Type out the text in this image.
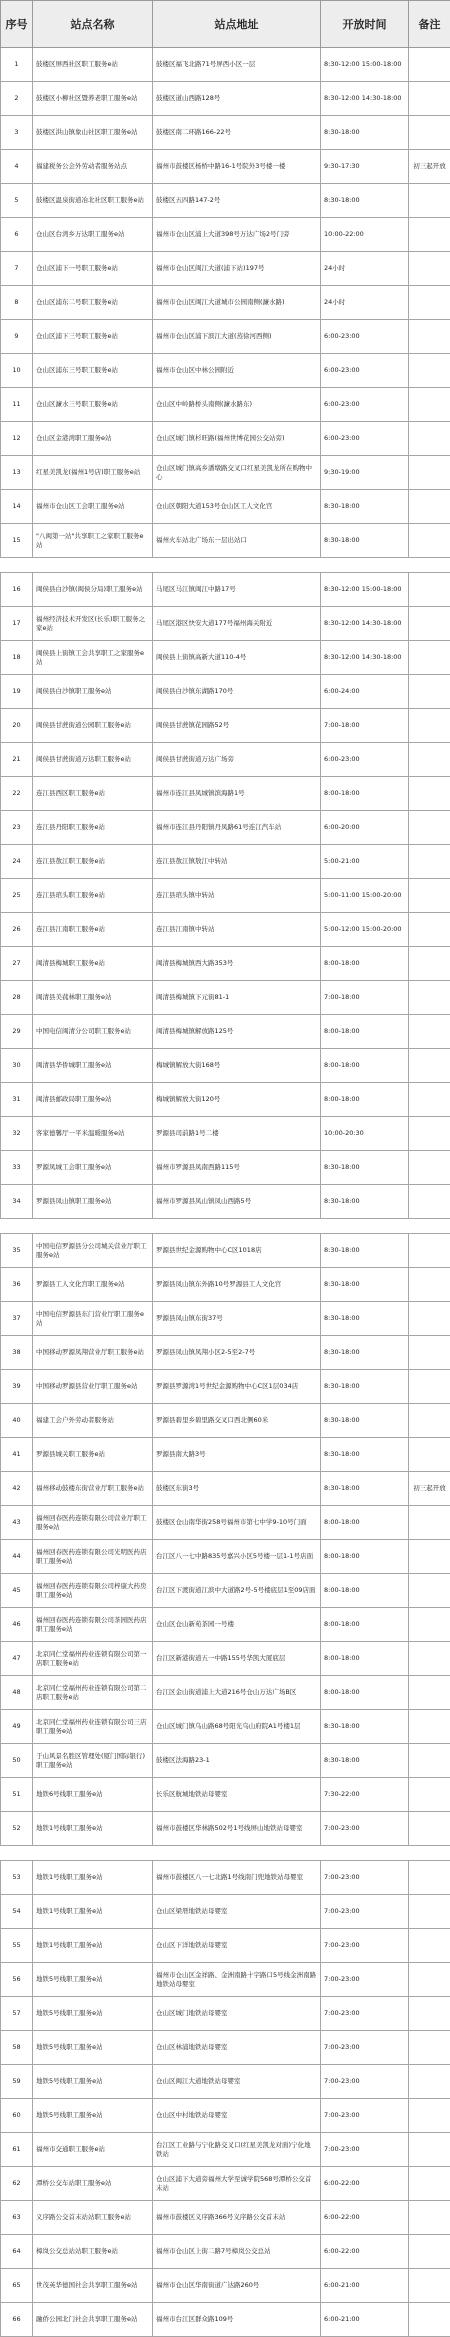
序号	站点名称	站点地址	开放时间	备注
1	鼓楼区屏西社区职工服务e站	鼓楼区福飞北路71号屏西小区一层	8:30-12:00 15:00-18:00	
2	鼓楼区小柳社区暨养老职工服务e站	鼓楼区道山西路128号	8:30-12:00 14:30-18:00	
3	鼓楼区洪山镇象山社区职工服务e站	鼓楼区南二环路166-22号	8:30-18:00	
4	福建税务公会外劳动者服务站点	福州市鼓楼区杨桥中路16-1号院外3号楼一楼	9:30-17:30	初三起开放
5	鼓楼区温泉街道冶北社区职工服务e站	鼓楼区五四路147-2号	8:30-18:00	
6	仓山区台湾乡万达职工服务e站	福州市仓山区浦上大道398号万达广场2号门旁	10:00-22:00	
7	仓山区浦下一号职工服务e站	福州市仓山区闽江大道(浦下站)197号	24小时	
8	仓山区浦东二号职工服务e站	福州市仓山区闽江大道城市公园南侧(濂水路)	24小时	
9	仓山区浦下三号职工服务e站	福州市仓山区浦下滨江大道(蒸徐河西侧)	6:00-23:00	
10	仓山区浦东三号职工服务e站	福州市仓山区中林公园附近	6:00-23:00	
11	仓山区濂水三号职工服务e站	仓山区中岭路桥头南侧(濂水路东)	6:00-23:00	
12	仓山区金港湾职工服务e站	仓山区城门镇杉旺路(福州世博花园公交站旁)	6:00-23:00	
13	红星美凯龙(福州1号店)职工服务e站	仓山区城门镇高乡潘墩路交叉口红星美凯龙所在购物中心	9:30-19:00	
14	福州市仓山区工会职工服务e站	仓山区朝阳大道153号仓山区工人文化宫	8:30-18:00	
15	"八闽第一站"共享职工之家职工服务e站	福州火车站北广场东一层出站口	8:30-18:00	

16	闽侯县白沙镇(闽侯分局)职工服务e站	马尾区马江镇闽江中路17号	8:30-12:00 15:00-18:00	
17	福州经济技术开发区(长乐)职工服务之家e站	马尾区港区快安大道177号福州海关附近	8:30-12:00 14:30-18:00	
18	闽侯县上街镇工会共享职工之家服务e站	闽侯县上街镇高新大道110-4号	8:30-12:00 14:30-18:00	
19	闽侯县白沙镇职工服务e站	闽侯县白沙镇东湖路170号	6:00-24:00	
20	闽侯县甘蔗街道公园职工服务e站	闽侯县甘蔗镇花园路52号	7:00-18:00	
21	闽侯县甘蔗街道万达职工服务e站	闽侯县甘蔗街道万达广场旁	6:00-23:00	
22	连江县西区职工服务e站	福州市连江县凤城镇滨海路1号	8:00-18:00	
23	连江县丹阳职工服务e站	福州市连江县丹阳镇丹凤路61号连江汽车站	6:00-20:00	
24	连江县敖江职工服务e站	连江县敖江镇敖江中转站	5:00-21:00	
25	连江县琯头职工服务e站	连江县琯头镇中转站	5:00-11:00 15:00-20:00	
26	连江县江南职工服务e站	连江县江南镇中转站	5:00-12:00 15:00-20:00	
27	闽清县梅城职工服务e站	闽清县梅城镇西大路353号	8:00-18:00	
28	闽清县美菰林职工服务e站	闽清县梅城镇下元街81-1	7:00-18:00	
29	中国电信闽清分公司职工服务e站	闽清县梅城镇解放路125号	8:00-18:00	
30	闽清县华侨城职工服务e站	梅城镇解放大街168号	8:00-18:00	
31	闽清县邮政局职工服务e站	梅城镇解放大街120号	8:00-18:00	
32	客家德馨厅一平米温暖服务e站	罗源县司前路1号二楼	10:00-20:30	
33	罗源凤城工会职工服务e站	福州市罗源县凤南西路115号	8:30-18:00	
34	罗源县凤山镇职工服务e站	福州市罗源县凤山镇凤山西路5号	8:30-18:00	

35	中国电信罗源县分公司城关营业厅职工服务e站	罗源县世纪金源购物中心C区1018店	8:30-18:00	
36	罗源县工人文化宫职工服务e站	罗源县凤山镇东外路10号罗源县工人文化宫	8:30-18:00	
37	中国电信罗源县东门营业厅职工服务e站	罗源县凤山镇东街37号	8:30-18:00	
38	中国移动罗源凤翔营业厅职工服务e站	罗源县凤山镇凤翔小区2-5至2-7号	8:30-18:00	
39	中国移动罗源县营业厅职工服务e站	罗源县罗源湾1号世纪金源购物中心C区1层034店	8:30-18:00	
40	福建工会户外劳动者服务站	罗源县碧里乡碧里路交叉口西北侧60米	8:30-18:00	
41	罗源县城关职工服务e站	罗源县南大路3号	8:30-18:00	
42	福州移动鼓楼东街营业厅职工服务e站	鼓楼区东街3号	8:30-18:00	初三起开放
43	福州回春医药连锁有限公司营业厅职工服务e站	鼓楼区仓山南华街258号福州市第七中学9-10号门面	8:00-18:00	
44	福州回春医药连锁有限公司光明医药店职工服务e站	台江区八一七中路835号嘉兴小区5号楼一层1-1号店面	8:00-18:00	
45	福州回春医药连锁有限公司梓康大药房职工服务e站	台江区下渡街道江滨中大道路2号-5号楼底层1至09店面	8:00-18:00	
46	福州回春医药连锁有限公司茶园医药店职工服务e站	仓山区仓山新苑茶园一号楼	8:00-18:00	
47	北京同仁堂福州药业连锁有限公司第一店职工服务e站	台江区新港街道五一中路155号华凯大厦底层	8:00-18:00	
48	北京同仁堂福州药业连锁有限公司第二店职工服务e站	台江区金山街道浦上大道216号仓山万达广场B区	8:00-18:00	
49	北京同仁堂福州药业连锁有限公司三店职工服务e站	仓山区城门镇乌山路68号阳光乌山府院A1号楼1层	8:30-18:00	
50	于山风景名胜区管理处(厦门国际银行)职工服务e站	鼓楼区法海路23-1	8:30-18:00	
51	地铁6号线职工服务e站	长乐区航城地铁站母婴室	7:30-22:00	
52	地铁1号线职工服务e站	福州市鼓楼区华林路502号1号线屏山地铁站母婴室	7:00-23:00	

53	地铁1号线职工服务e站	福州市鼓楼区八一七北路1号线南门兜地铁站母婴室	7:00-23:00	
54	地铁1号线职工服务e站	仓山区梁厝地铁站母婴室	7:00-23:00	
55	地铁1号线职工服务e站	仓山区下洋地铁站母婴室	7:00-23:00	
56	地铁5号线职工服务e站	福州市仓山区金祥路、金洲南路十字路口5号线金洲南路地铁站母婴室	7:00-23:00	
57	地铁5号线职工服务e站	仓山区城门地铁站母婴室	7:00-23:00	
58	地铁5号线职工服务e站	仓山区林浦地铁站母婴室	7:00-23:00	
59	地铁5号线职工服务e站	仓山区闽江大道地铁站母婴室	7:00-23:00	
60	地铁5号线职工服务e站	仓山区中村地铁站母婴室	7:00-23:00	
61	福州市交通职工服务e站	台江区工业路与宁化路交叉口(红星美凯龙对面)宁化地铁站	7:00-23:00	
62	潭桥公交车站职工服务e站	仓山区浦下大道旁福州大学至诚学院568号潭桥公交首末站	6:00-22:00	
63	义序路公交首末站站职工服务e站	福州市鼓楼区义序路366号义序路公交首末站	6:00-22:00	
64	樟岚公交总站站职工服务e站	福州市仓山区上街二路7号樟岚公交总站	6:00-22:00	
65	世茂英华德国社会共享职工服务e站	福州市仓山区华南街道广达路260号	6:00-21:00	
66	融侨公园北门社会共享职工服务e站	福州市台江区群众路109号	6:00-21:00	
